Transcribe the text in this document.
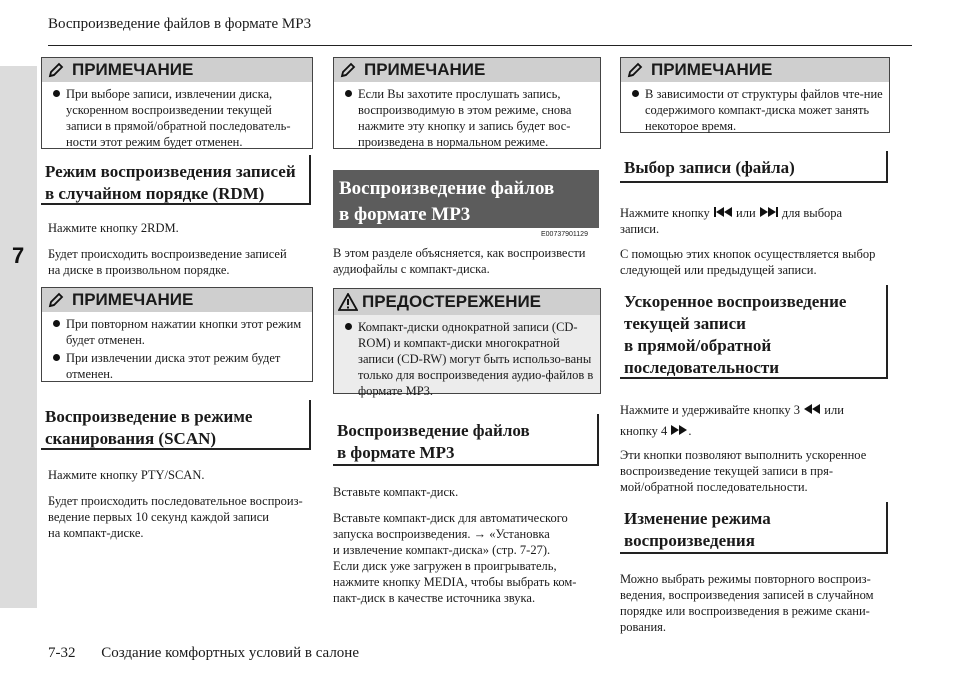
Воспроизведение файлов в формате MP3
7
ПРИМЕЧАНИЕ
При выборе записи, извлечении диска, ускоренном воспроизведении текущей записи в прямой/обратной последователь-ности этот режим будет отменен.
Режим воспроизведения записей
в случайном порядке (RDM)

Нажмите кнопку 2RDM.

Будет происходить воспроизведение записей
на диске в произвольном порядке.
ПРИМЕЧАНИЕ
При повторном нажатии кнопки этот режим будет отменен.
При извлечении диска этот режим будет отменен.
Воспроизведение в режиме
сканирования (SCAN)

Нажмите кнопку PTY/SCAN.

Будет происходить последовательное воспроиз-
ведение первых 10 секунд каждой записи
на компакт-диске.
ПРИМЕЧАНИЕ
Если Вы захотите прослушать запись, воспроизводимую в этом режиме, снова нажмите эту кнопку и запись будет вос-произведена в нормальном режиме.
Воспроизведение файлов
в формате MP3
E00737901129
В этом разделе объясняется, как воспроизвести
аудиофайлы с компакт-диска.
ПРЕДОСТЕРЕЖЕНИЕ
Компакт-диски однократной записи (CD-ROM) и компакт-диски многократной записи (CD-RW) могут быть использо-ваны только для воспроизведения аудио-файлов в формате MP3.
Воспроизведение файлов
в формате MP3

Вставьте компакт-диск.

Вставьте компакт-диск для автоматического
запуска воспроизведения. → «Установка
и извлечение компакт-диска» (стр. 7-27).
Если диск уже загружен в проигрыватель,
нажмите кнопку MEDIA, чтобы выбрать ком-
пакт-диск в качестве источника звука.
ПРИМЕЧАНИЕ
В зависимости от структуры файлов чте-ние содержимого компакт-диска может занять некоторое время.
Выбор записи (файла)
Нажмите кнопку или для выбора
записи.
С помощью этих кнопок осуществляется выбор
следующей или предыдущей записи.
Ускоренное воспроизведение
текущей записи
в прямой/обратной
последовательности
Нажмите и удерживайте кнопку 3 или
кнопку 4 .
Эти кнопки позволяют выполнить ускоренное
воспроизведение текущей записи в пря-
мой/обратной последовательности.
Изменение режима
воспроизведения
Можно выбрать режимы повторного воспроиз-
ведения, воспроизведения записей в случайном
порядке или воспроизведения в режиме скани-
рования.
7-32 Создание комфортных условий в салоне
